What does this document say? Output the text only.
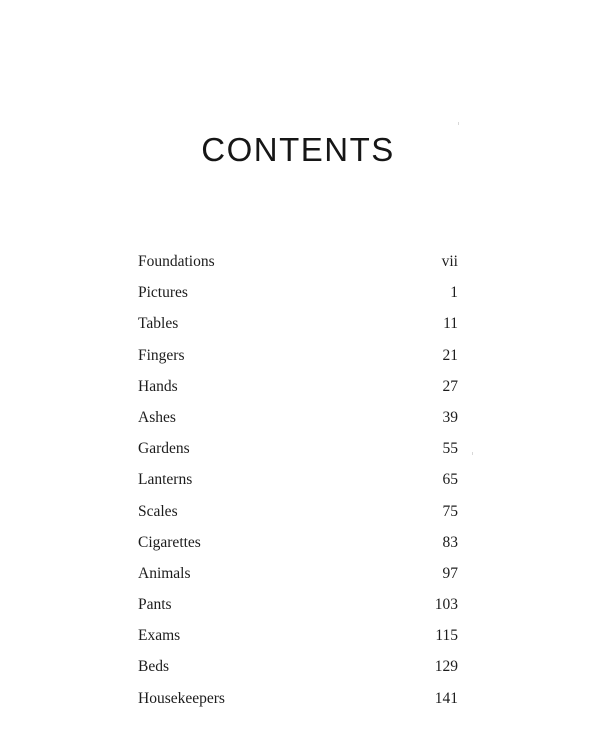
CONTENTS
Foundations	vii
Pictures	1
Tables	11
Fingers	21
Hands	27
Ashes	39
Gardens	55
Lanterns	65
Scales	75
Cigarettes	83
Animals	97
Pants	103
Exams	115
Beds	129
Housekeepers	141
